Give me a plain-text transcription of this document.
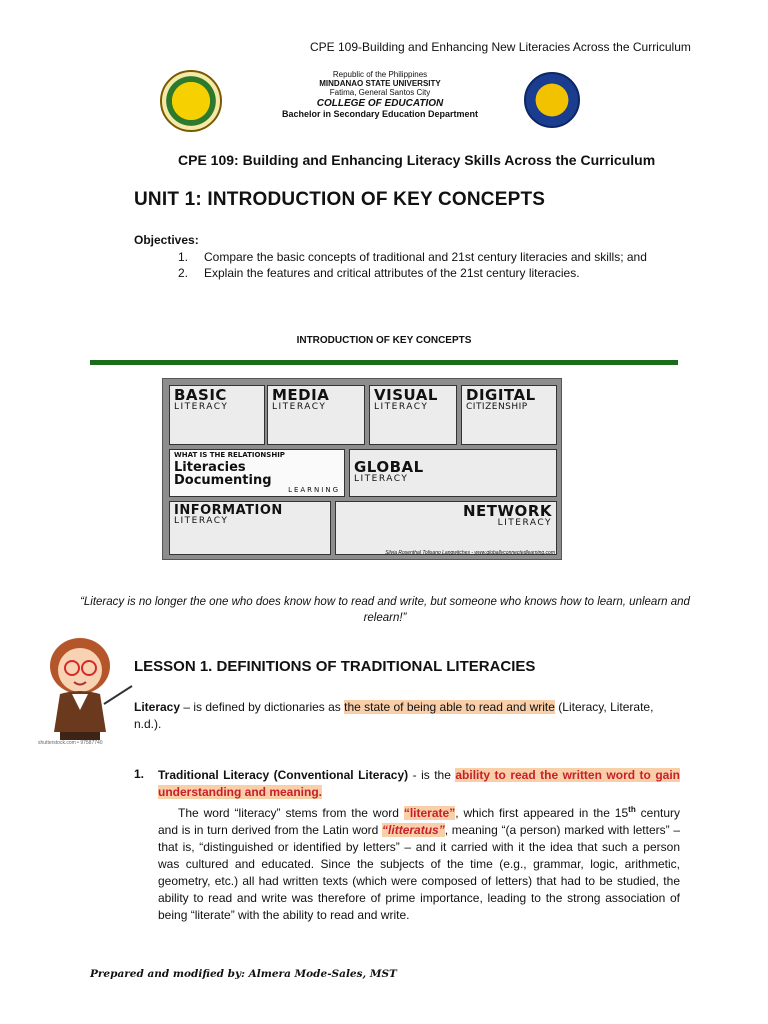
CPE 109-Building and Enhancing New Literacies Across the Curriculum
Republic of the Philippines
MINDANAO STATE UNIVERSITY
Fatima, General Santos City
COLLEGE OF EDUCATION
Bachelor in Secondary Education Department
CPE 109: Building and Enhancing Literacy Skills Across the Curriculum
UNIT 1: INTRODUCTION OF KEY CONCEPTS
Objectives:
1. Compare the basic concepts of traditional and 21st century literacies and skills; and
2. Explain the features and critical attributes of the 21st century literacies.
INTRODUCTION OF KEY CONCEPTS
BASIC
LITERACY
MEDIA
LITERACY
VISUAL
LITERACY
DIGITAL
CITIZENSHIP
WHAT IS THE RELATIONSHIP
Literacies
Documenting
LEARNING
GLOBAL
LITERACY
INFORMATION
LITERACY
NETWORK
LITERACY
Silvia Rosenthal Tolisano Langwitches - www.globallyconnectedlearning.com
“Literacy is no longer the one who does know how to read and write, but someone who knows how to learn, unlearn and relearn!”
shutterstock.com • 97587740
LESSON 1. DEFINITIONS OF TRADITIONAL LITERACIES
Literacy – is defined by dictionaries as the state of being able to read and write (Literacy, Literate, n.d.).
1. Traditional Literacy (Conventional Literacy) - is the ability to read the written word to gain understanding and meaning.
The word “literacy” stems from the word “literate”, which first appeared in the 15th century and is in turn derived from the Latin word “litteratus”, meaning “(a person) marked with letters” – that is, “distinguished or identified by letters” – and it carried with it the idea that such a person was cultured and educated. Since the subjects of the time (e.g., grammar, logic, arithmetic, geometry, etc.) all had written texts (which were composed of letters) that had to be studied, the ability to read and write was therefore of prime importance, leading to the strong association of being “literate” with the ability to read and write.
Prepared and modified by: Almera Mode-Sales, MST
